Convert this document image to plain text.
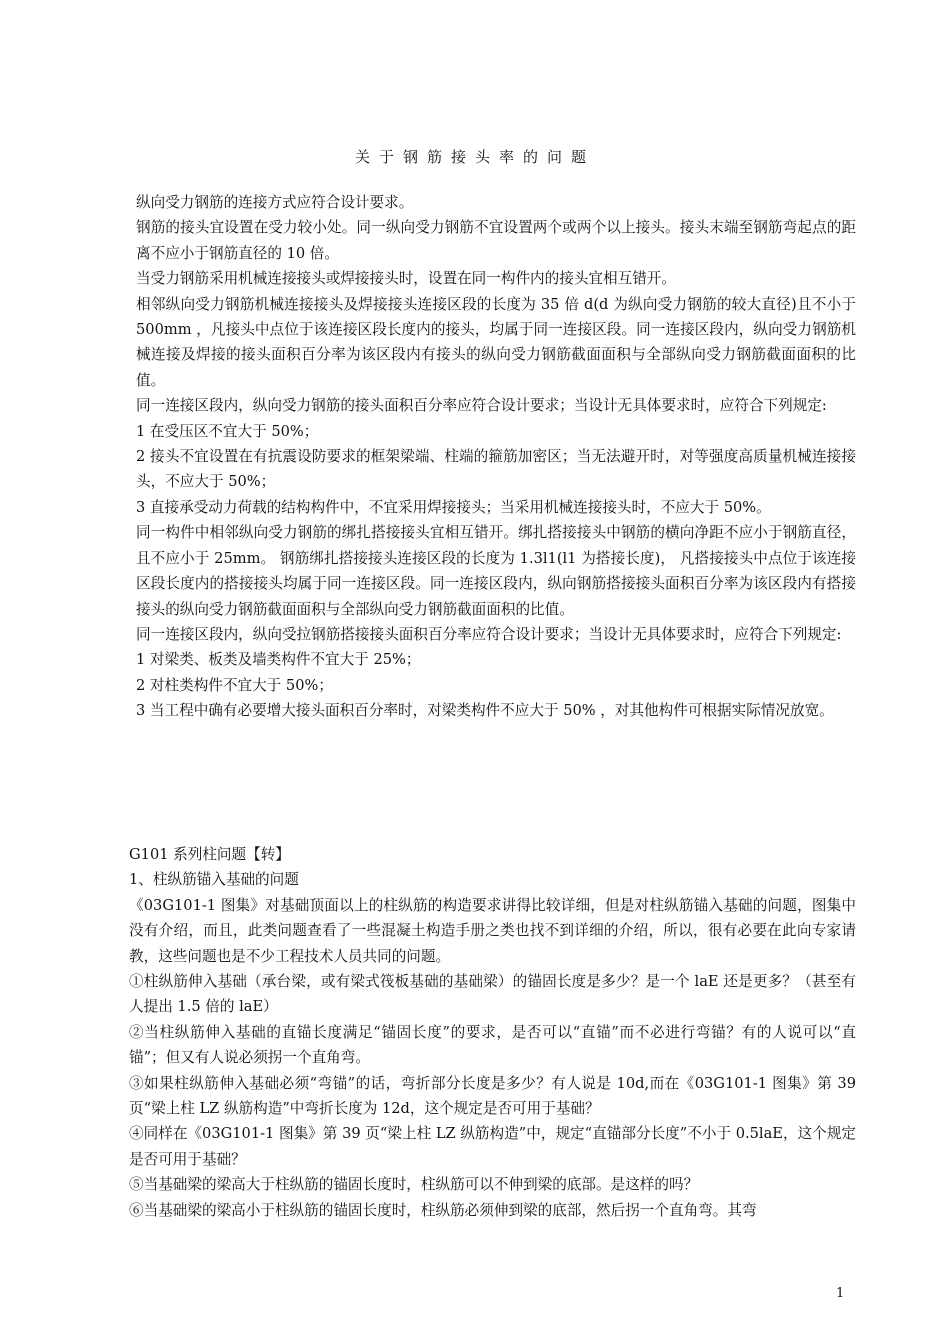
关于钢筋接头率的问题

纵向受力钢筋的连接方式应符合设计要求。

钢筋的接头宜设置在受力较小处。同一纵向受力钢筋不宜设置两个或两个以上接头。接头末端至钢筋弯起点的距离不应小于钢筋直径的 10 倍。

当受力钢筋采用机械连接接头或焊接接头时，设置在同一构件内的接头宜相互错开。

相邻纵向受力钢筋机械连接接头及焊接接头连接区段的长度为 35 倍 d(d 为纵向受力钢筋的较大直径)且不小于 500mm ，凡接头中点位于该连接区段长度内的接头，均属于同一连接区段。同一连接区段内，纵向受力钢筋机械连接及焊接的接头面积百分率为该区段内有接头的纵向受力钢筋截面面积与全部纵向受力钢筋截面面积的比值。

同一连接区段内，纵向受力钢筋的接头面积百分率应符合设计要求；当设计无具体要求时，应符合下列规定:

1 在受压区不宜大于 50%；

2 接头不宜设置在有抗震设防要求的框架梁端、柱端的箍筋加密区；当无法避开时，对等强度高质量机械连接接头，不应大于 50%；

3 直接承受动力荷载的结构构件中，不宜采用焊接接头；当采用机械连接接头时，不应大于 50%。

同一构件中相邻纵向受力钢筋的绑扎搭接接头宜相互错开。绑扎搭接接头中钢筋的横向净距不应小于钢筋直径，且不应小于 25mm。 钢筋绑扎搭接接头连接区段的长度为 1.3l1(l1 为搭接长度)， 凡搭接接头中点位于该连接区段长度内的搭接接头均属于同一连接区段。同一连接区段内，纵向钢筋搭接接头面积百分率为该区段内有搭接接头的纵向受力钢筋截面面积与全部纵向受力钢筋截面面积的比值。

同一连接区段内，纵向受拉钢筋搭接接头面积百分率应符合设计要求；当设计无具体要求时，应符合下列规定:

1 对梁类、板类及墙类构件不宜大于 25%；

2 对柱类构件不宜大于 50%；

3 当工程中确有必要增大接头面积百分率时，对梁类构件不应大于 50% ，对其他构件可根据实际情况放宽。

G101 系列柱问题【转】

1、柱纵筋锚入基础的问题

《03G101-1 图集》对基础顶面以上的柱纵筋的构造要求讲得比较详细，但是对柱纵筋锚入基础的问题，图集中没有介绍，而且，此类问题查看了一些混凝土构造手册之类也找不到详细的介绍，所以，很有必要在此向专家请教，这些问题也是不少工程技术人员共同的问题。

①柱纵筋伸入基础（承台梁，或有梁式筏板基础的基础梁）的锚固长度是多少？是一个 laE 还是更多？（甚至有人提出 1.5 倍的 laE）

②当柱纵筋伸入基础的直锚长度满足“锚固长度”的要求，是否可以“直锚”而不必进行弯锚？有的人说可以“直锚”；但又有人说必须拐一个直角弯。

③如果柱纵筋伸入基础必须“弯锚”的话，弯折部分长度是多少？有人说是 10d,而在《03G101-1 图集》第 39 页“梁上柱 LZ 纵筋构造”中弯折长度为 12d，这个规定是否可用于基础？

④同样在《03G101-1 图集》第 39 页“梁上柱 LZ 纵筋构造”中，规定“直锚部分长度”不小于 0.5laE，这个规定是否可用于基础？

⑤当基础梁的梁高大于柱纵筋的锚固长度时，柱纵筋可以不伸到梁的底部。是这样的吗？

⑥当基础梁的梁高小于柱纵筋的锚固长度时，柱纵筋必须伸到梁的底部，然后拐一个直角弯。其弯

1
